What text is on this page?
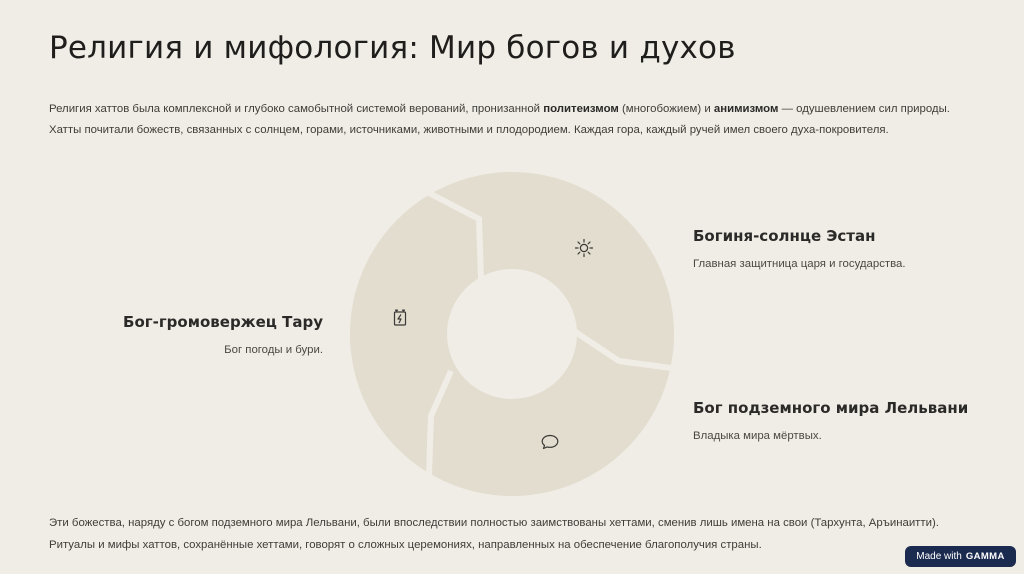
Религия и мифология: Мир богов и духов

Религия хаттов была комплексной и глубоко самобытной системой верований, пронизанной политеизмом (многобожием) и анимизмом — одушевлением сил природы.

Хатты почитали божеств, связанных с солнцем, горами, источниками, животными и плодородием. Каждая гора, каждый ручей имел своего духа-покровителя.

Богиня-солнце Эстан

Главная защитница царя и государства.

Бог-громовержец Тару

Бог погоды и бури.

Бог подземного мира Лельвани

Владыка мира мёртвых.

Эти божества, наряду с богом подземного мира Лельвани, были впоследствии полностью заимствованы хеттами, сменив лишь имена на свои (Тархунта, Аръинаитти).

Ритуалы и мифы хаттов, сохранённые хеттами, говорят о сложных церемониях, направленных на обеспечение благополучия страны.

Made with GAMMA
